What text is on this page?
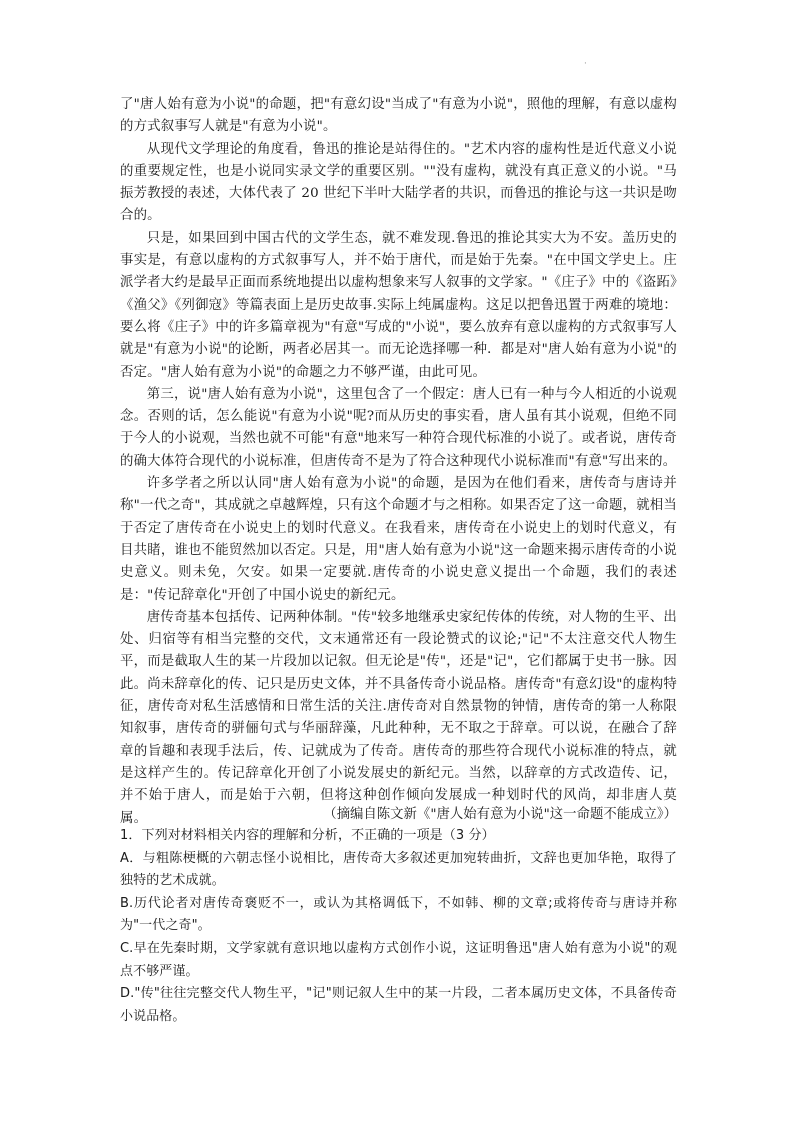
·

了"唐人始有意为小说"的命题，把"有意幻设"当成了"有意为小说"，照他的理解，有意以虚构的方式叙事写人就是"有意为小说"。

从现代文学理论的角度看，鲁迅的推论是站得住的。"艺术内容的虚构性是近代意义小说的重要规定性，也是小说同实录文学的重要区别。""没有虚构，就没有真正意义的小说。"马振芳教授的表述，大体代表了 20 世纪下半叶大陆学者的共识，而鲁迅的推论与这一共识是吻合的。

只是，如果回到中国古代的文学生态，就不难发现.鲁迅的推论其实大为不安。盖历史的事实是，有意以虚构的方式叙事写人，并不始于唐代，而是始于先秦。"在中国文学史上。庄派学者大约是最早正面而系统地提出以虚构想象来写人叙事的文学家。"《庄子》中的《盗跖》《渔父》《列御寇》等篇表面上是历史故事.实际上纯属虚构。这足以把鲁迅置于两难的境地：要么将《庄子》中的许多篇章视为"有意"写成的"小说"，要么放弃有意以虚构的方式叙事写人就是"有意为小说"的论断，两者必居其一。而无论选择哪一种．都是对"唐人始有意为小说"的否定。"唐人始有意为小说"的命题之力不够严谨，由此可见。

第三，说"唐人始有意为小说"，这里包含了一个假定：唐人已有一种与今人相近的小说观念。否则的话，怎么能说"有意为小说"呢?而从历史的事实看，唐人虽有其小说观，但绝不同于今人的小说观，当然也就不可能"有意"地来写一种符合现代标准的小说了。或者说，唐传奇的确大体符合现代的小说标准，但唐传奇不是为了符合这种现代小说标准而"有意"写出来的。

许多学者之所以认同"唐人始有意为小说"的命题，是因为在他们看来，唐传奇与唐诗并称"一代之奇"，其成就之卓越辉煌，只有这个命题才与之相称。如果否定了这一命题，就相当于否定了唐传奇在小说史上的划时代意义。在我看来，唐传奇在小说史上的划时代意义，有目共睹，谁也不能贸然加以否定。只是，用"唐人始有意为小说"这一命题来揭示唐传奇的小说史意义。则未免，欠安。如果一定要就.唐传奇的小说史意义提出一个命题，我们的表述是："传记辞章化"开创了中国小说史的新纪元。

唐传奇基本包括传、记两种体制。"传"较多地继承史家纪传体的传统，对人物的生平、出处、归宿等有相当完整的交代，文末通常还有一段论赞式的议论;"记"不太注意交代人物生平，而是截取人生的某一片段加以记叙。但无论是"传"，还是"记"，它们都属于史书一脉。因此。尚未辞章化的传、记只是历史文体，并不具备传奇小说品格。唐传奇"有意幻设"的虚构特征，唐传奇对私生活感情和日常生活的关注.唐传奇对自然景物的钟情，唐传奇的第一人称限知叙事，唐传奇的骈俪句式与华丽辞藻，凡此种种，无不取之于辞章。可以说，在融合了辞章的旨趣和表现手法后，传、记就成为了传奇。唐传奇的那些符合现代小说标准的特点，就是这样产生的。传记辞章化开创了小说发展史的新纪元。当然，以辞章的方式改造传、记，并不始于唐人，而是始于六朝，但将这种创作倾向发展成一种划时代的风尚，却非唐人莫属。	（摘编自陈文新《"唐人始有意为小说"这一命题不能成立》）
1．下列对材料相关内容的理解和分析，不正确的一项是（3 分）
A．与粗陈梗概的六朝志怪小说相比，唐传奇大多叙述更加宛转曲折，文辞也更加华艳，取得了独特的艺术成就。
B.历代论者对唐传奇褒贬不一，或认为其格调低下，不如韩、柳的文章;或将传奇与唐诗并称为"一代之奇"。
C.早在先秦时期，文学家就有意识地以虚构方式创作小说，这证明鲁迅"唐人始有意为小说"的观点不够严谨。
D."传"往往完整交代人物生平，"记"则记叙人生中的某一片段，二者本属历史文体，不具备传奇小说品格。
